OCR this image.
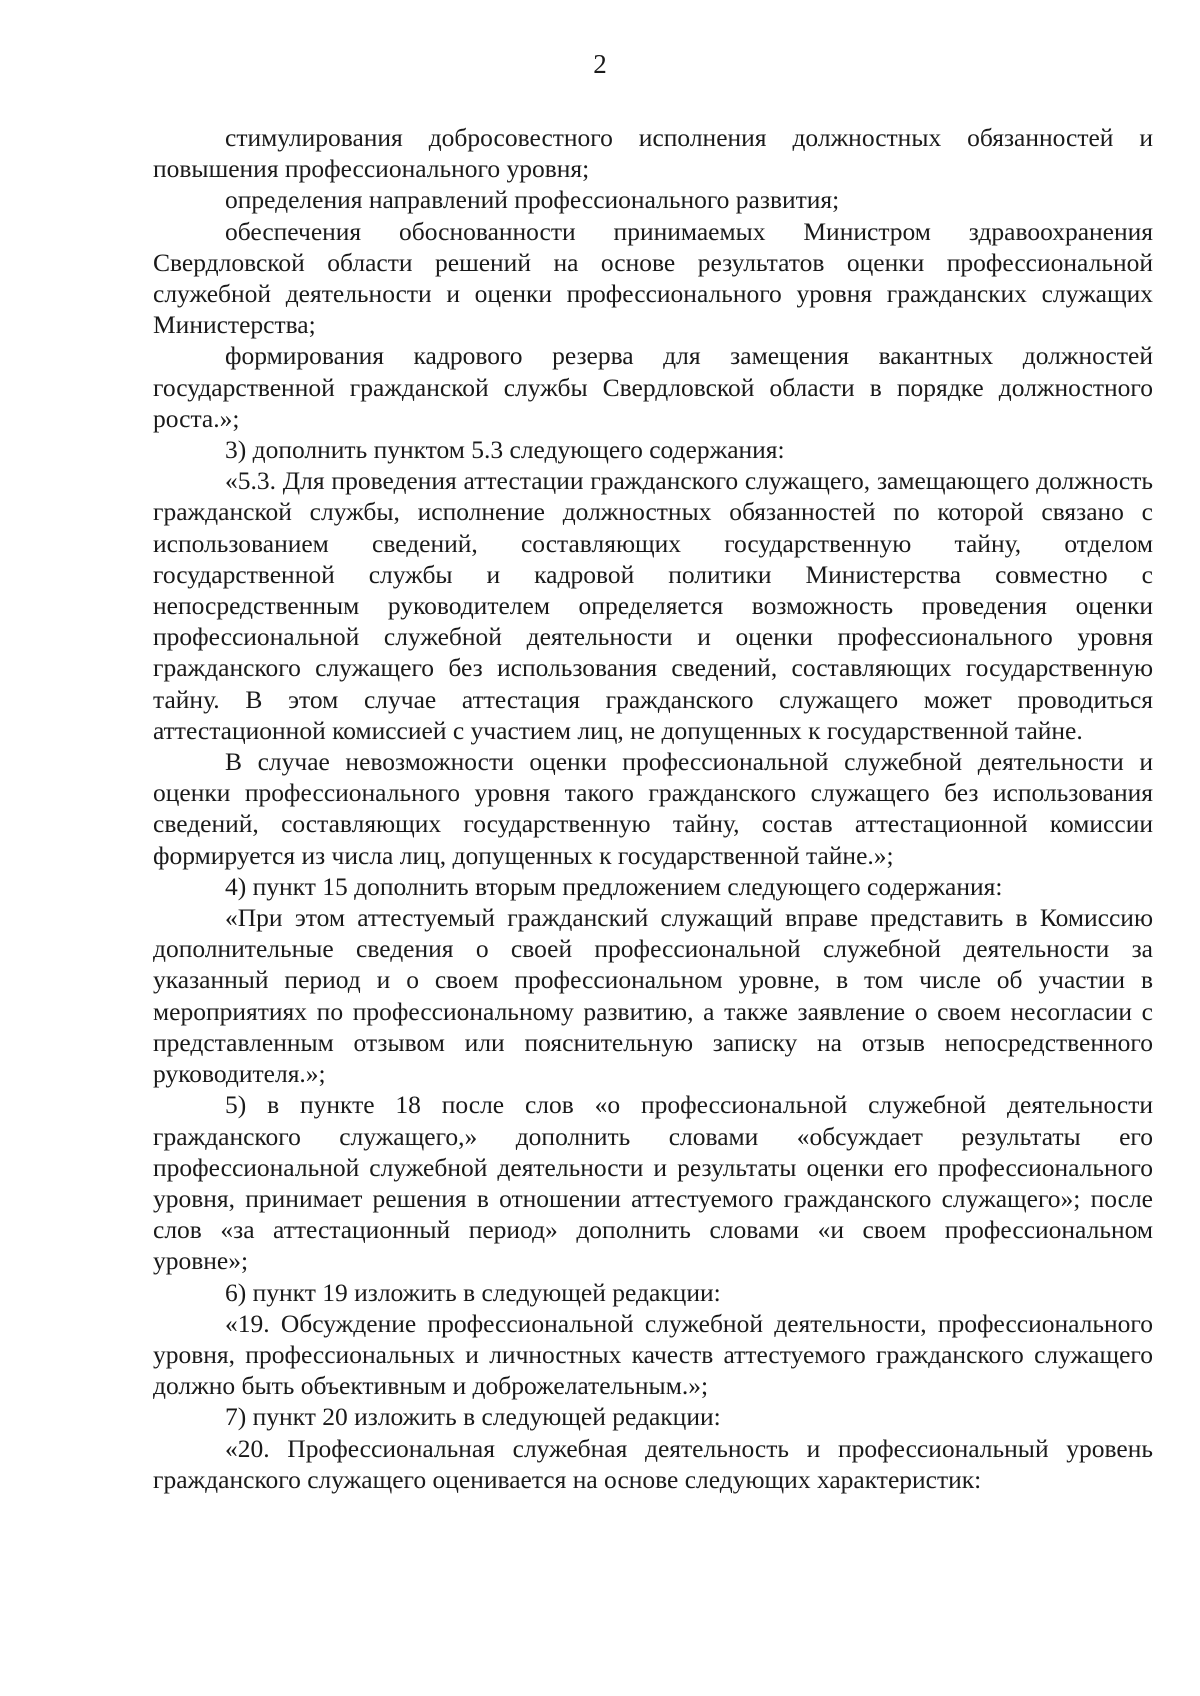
2

стимулирования добросовестного исполнения должностных обязанностей и повышения профессионального уровня;

определения направлений профессионального развития;

обеспечения обоснованности принимаемых Министром здравоохранения Свердловской области решений на основе результатов оценки профессиональной служебной деятельности и оценки профессионального уровня гражданских служащих Министерства;

формирования кадрового резерва для замещения вакантных должностей государственной гражданской службы Свердловской области в порядке должностного роста.»;

3) дополнить пунктом 5.3 следующего содержания:

«5.3. Для проведения аттестации гражданского служащего, замещающего должность гражданской службы, исполнение должностных обязанностей по которой связано с использованием сведений, составляющих государственную тайну, отделом государственной службы и кадровой политики Министерства совместно с непосредственным руководителем определяется возможность проведения оценки профессиональной служебной деятельности и оценки профессионального уровня гражданского служащего без использования сведений, составляющих государственную тайну. В этом случае аттестация гражданского служащего может проводиться аттестационной комиссией с участием лиц, не допущенных к государственной тайне.

В случае невозможности оценки профессиональной служебной деятельности и оценки профессионального уровня такого гражданского служащего без использования сведений, составляющих государственную тайну, состав аттестационной комиссии формируется из числа лиц, допущенных к государственной тайне.»;

4) пункт 15 дополнить вторым предложением следующего содержания:

«При этом аттестуемый гражданский служащий вправе представить в Комиссию дополнительные сведения о своей профессиональной служебной деятельности за указанный период и о своем профессиональном уровне, в том числе об участии в мероприятиях по профессиональному развитию, а также заявление о своем несогласии с представленным отзывом или пояснительную записку на отзыв непосредственного руководителя.»;

5) в пункте 18 после слов «о профессиональной служебной деятельности гражданского служащего,» дополнить словами «обсуждает результаты его профессиональной служебной деятельности и результаты оценки его профессионального уровня, принимает решения в отношении аттестуемого гражданского служащего»; после слов «за аттестационный период» дополнить словами «и своем профессиональном уровне»;

6) пункт 19 изложить в следующей редакции:

«19. Обсуждение профессиональной служебной деятельности, профессионального уровня, профессиональных и личностных качеств аттестуемого гражданского служащего должно быть объективным и доброжелательным.»;

7) пункт 20 изложить в следующей редакции:

«20. Профессиональная служебная деятельность и профессиональный уровень гражданского служащего оценивается на основе следующих характеристик:
